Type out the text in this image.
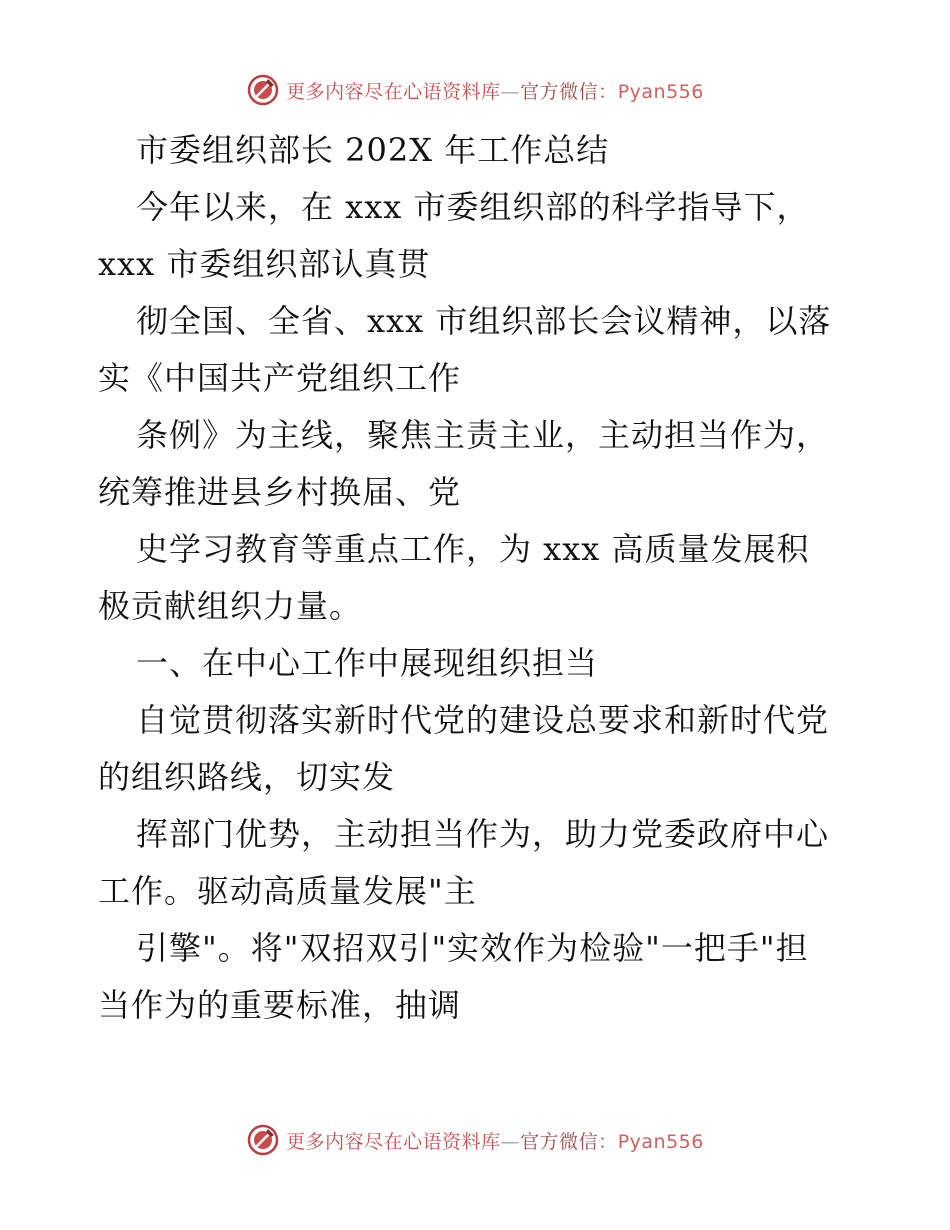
更多内容尽在心语资料库—官方微信：Pyan556
市委组织部长 202X 年工作总结
今年以来，在 xxx 市委组织部的科学指导下，
xxx 市委组织部认真贯
彻全国、全省、xxx 市组织部长会议精神，以落
实《中国共产党组织工作
条例》为主线，聚焦主责主业，主动担当作为，
统筹推进县乡村换届、党
史学习教育等重点工作，为 xxx 高质量发展积
极贡献组织力量。
一、在中心工作中展现组织担当
自觉贯彻落实新时代党的建设总要求和新时代党
的组织路线，切实发
挥部门优势，主动担当作为，助力党委政府中心
工作。驱动高质量发展"主
引擎"。将"双招双引"实效作为检验"一把手"担
当作为的重要标准，抽调
更多内容尽在心语资料库—官方微信：Pyan556
